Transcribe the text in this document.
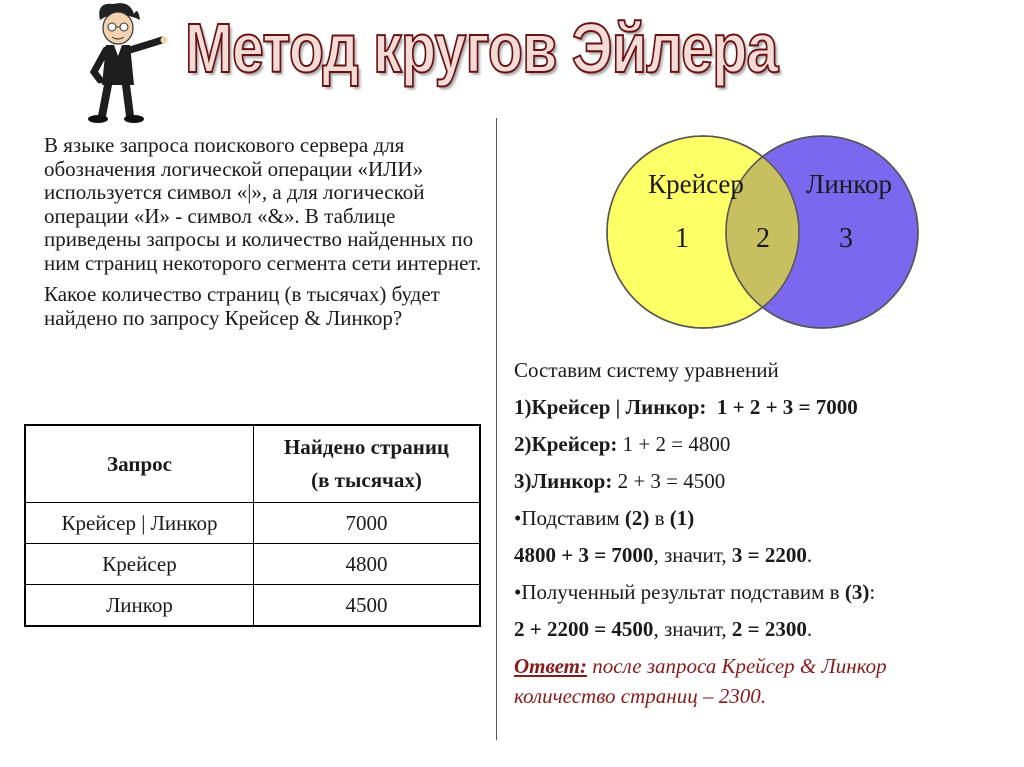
Метод кругов Эйлера

В языке запроса поискового сервера для обозначения логической операции «ИЛИ» используется символ «|», а для логической операции «И» - символ «&». В таблице приведены запросы и количество найденных по ним страниц некоторого сегмента сети интернет.

Какое количество страниц (в тысячах) будет найдено по запросу Крейсер & Линкор?

Запрос	Найдено страниц
(в тысячах)
Крейсер | Линкор	7000
Крейсер	4800
Линкор	4500
Крейсер Линкор
1 2 3
Составим систему уравнений
1)Крейсер | Линкор: 1 + 2 + 3 = 7000
2)Крейсер: 1 + 2 = 4800
3)Линкор: 2 + 3 = 4500
•Подставим (2) в (1)
4800 + 3 = 7000, значит, 3 = 2200.
•Полученный результат подставим в (3):
2 + 2200 = 4500, значит, 2 = 2300.
Ответ: после запроса Крейсер & Линкор
количество страниц – 2300.
